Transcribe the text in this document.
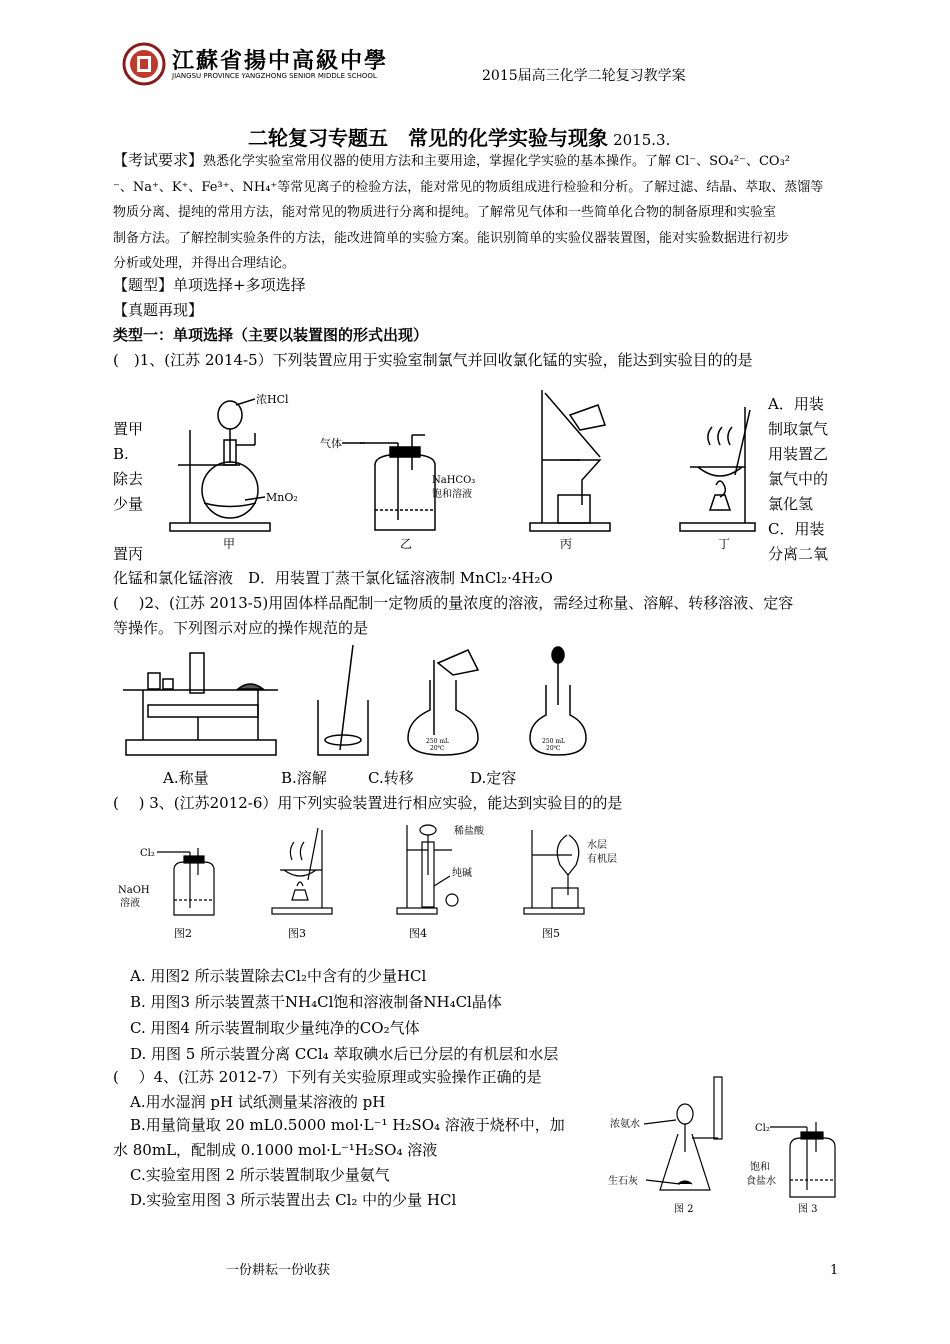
江蘇省揚中高級中學
JIANGSU PROVINCE YANGZHONG SENIOR MIDDLE SCHOOL	2015届高三化学二轮复习教学案
二轮复习专题五　常见的化学实验与现象 2015.3.
【考试要求】熟悉化学实验室常用仪器的使用方法和主要用途，掌握化学实验的基本操作。了解 Cl⁻、SO₄²⁻、CO₃²
⁻、Na⁺、K⁺、Fe³⁺、NH₄⁺等常见离子的检验方法，能对常见的物质组成进行检验和分析。了解过滤、结晶、萃取、蒸馏等
物质分离、提纯的常用方法，能对常见的物质进行分离和提纯。了解常见气体和一些简单化合物的制备原理和实验室
制备方法。了解控制实验条件的方法，能改进简单的实验方案。能识别简单的实验仪器装置图，能对实验数据进行初步
分析或处理，并得出合理结论。
【题型】单项选择+多项选择
【真题再现】
类型一：单项选择（主要以装置图的形式出现）
(　)1、(江苏 2014-5）下列装置应用于实验室制氯气并回收氯化锰的实验，能达到实验目的的是
置甲
B.
除去
少量
置丙
A．用装
制取氯气
用装置乙
氯气中的
氯化氢
C．用装
分离二氧
浓HCl
MnO₂
甲
气体
NaHCO₃
饱和溶液
乙	丙	丁
化锰和氯化锰溶液　D．用装置丁蒸干氯化锰溶液制 MnCl₂·4H₂O
(　 )2、(江苏 2013-5)用固体样品配制一定物质的量浓度的溶液，需经过称量、溶解、转移溶液、定容
等操作。下列图示对应的操作规范的是
250 mL
20℃
250 mL
20℃
A.称量	B.溶解	C.转移	D.定容
(　 ) 3、(江苏2012-6）用下列实验装置进行相应实验，能达到实验目的的是
Cl₂
NaOH
溶液
图2	图3
稀盐酸
纯碱
图4
水层
有机层
图5
A. 用图2 所示装置除去Cl₂中含有的少量HCl
B. 用图3 所示装置蒸干NH₄Cl饱和溶液制备NH₄Cl晶体
C. 用图4 所示装置制取少量纯净的CO₂气体
D. 用图 5 所示装置分离 CCl₄ 萃取碘水后已分层的有机层和水层
(　 ）4、(江苏 2012-7）下列有关实验原理或实验操作正确的是
A.用水湿润 pH 试纸测量某溶液的 pH
B.用量筒量取 20 mL0.5000 mol·L⁻¹ H₂SO₄ 溶液于烧杯中，加
水 80mL，配制成 0.1000 mol·L⁻¹H₂SO₄ 溶液
C.实验室用图 2 所示装置制取少量氨气
D.实验室用图 3 所示装置出去 Cl₂ 中的少量 HCl
浓氨水
生石灰
图 2
Cl₂
饱和
食盐水
图 3
一份耕耘一份收获	1
